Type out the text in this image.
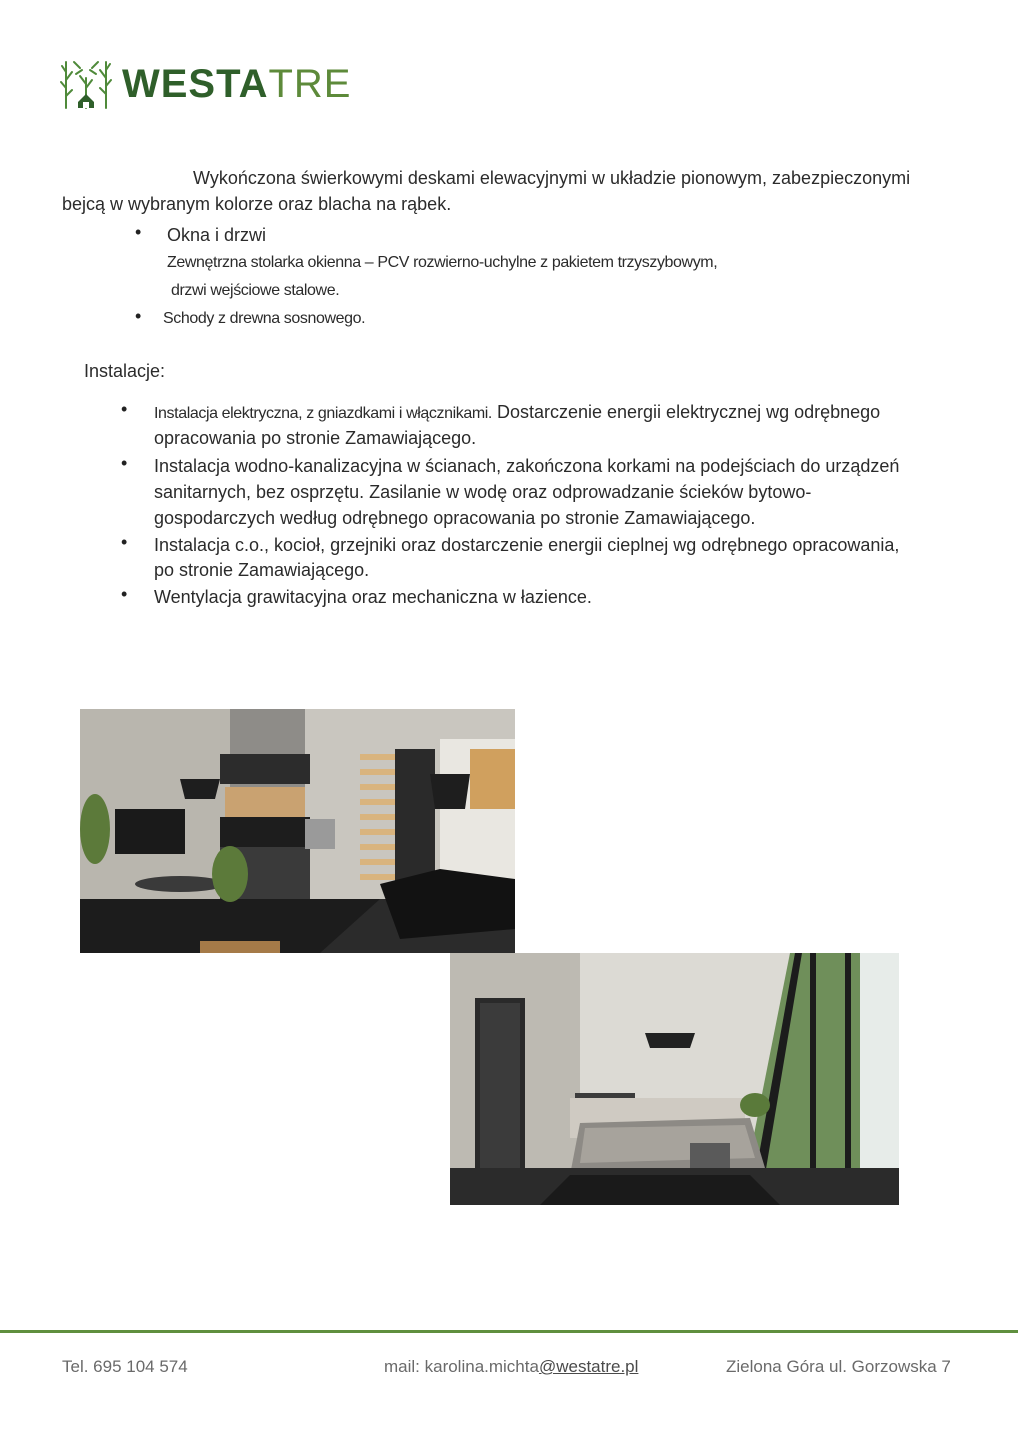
WESTATRE
Wykończona świerkowymi deskami elewacyjnymi w układzie pionowym, zabezpieczonymi
bejcą w wybranym kolorze oraz blacha na rąbek.
• Okna i drzwi
Zewnętrzna stolarka okienna – PCV rozwierno-uchylne z pakietem trzyszybowym,
drzwi wejściowe stalowe.
• Schody z drewna sosnowego.
Instalacje:
• Instalacja elektryczna, z gniazdkami i włącznikami. Dostarczenie energii elektrycznej wg odrębnego
opracowania po stronie Zamawiającego.
• Instalacja wodno-kanalizacyjna w ścianach, zakończona korkami na podejściach do urządzeń
sanitarnych, bez osprzętu. Zasilanie w wodę oraz odprowadzanie ścieków bytowo-
gospodarczych według odrębnego opracowania po stronie Zamawiającego.
• Instalacja c.o., kocioł, grzejniki oraz dostarczenie energii cieplnej wg odrębnego opracowania,
po stronie Zamawiającego.
• Wentylacja grawitacyjna oraz mechaniczna w łazience.
Tel. 695 104 574	mail: karolina.michta@westatre.pl	Zielona Góra ul. Gorzowska 7
